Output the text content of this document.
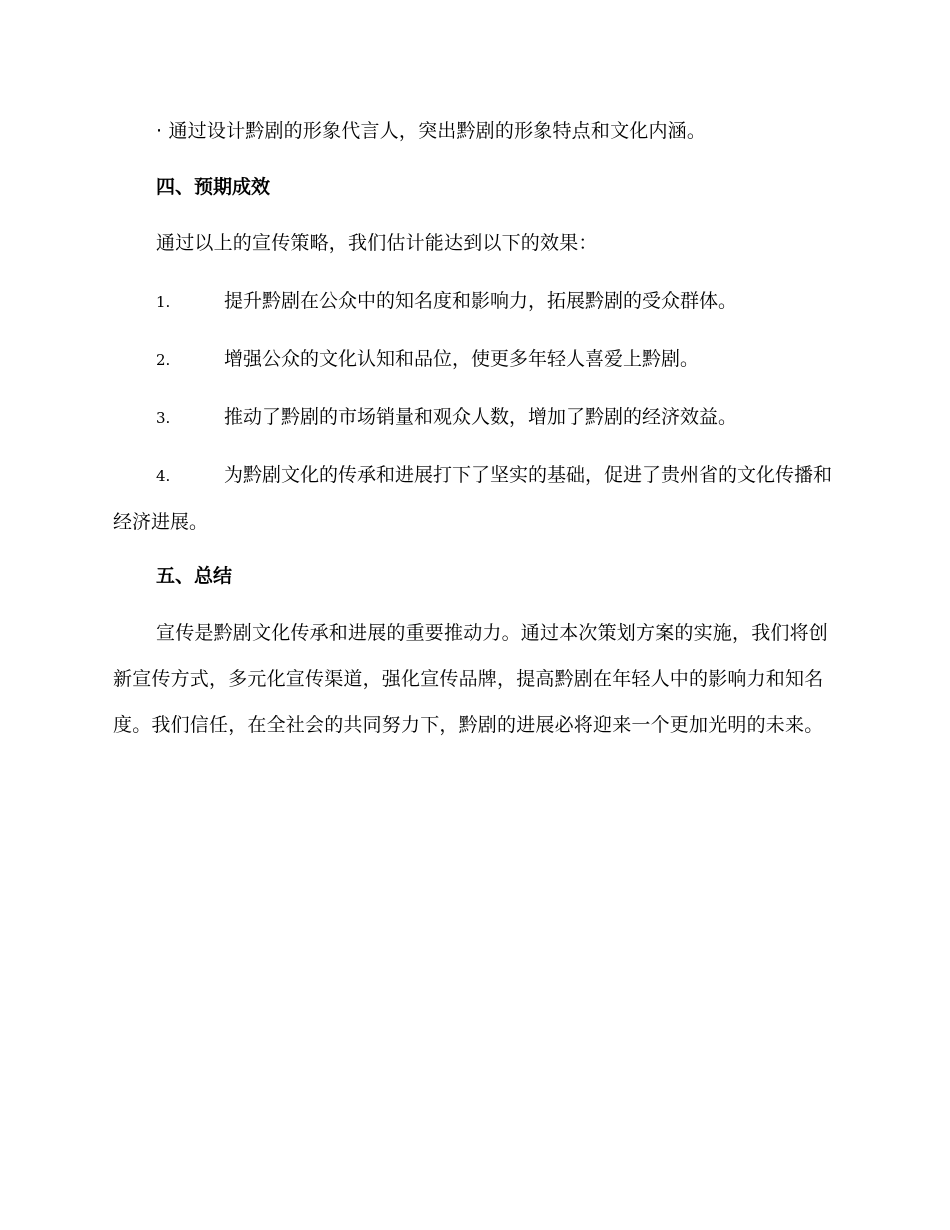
· 通过设计黔剧的形象代言人，突出黔剧的形象特点和文化内涵。

四、预期成效

通过以上的宣传策略，我们估计能达到以下的效果：

1.	提升黔剧在公众中的知名度和影响力，拓展黔剧的受众群体。
2.	增强公众的文化认知和品位，使更多年轻人喜爱上黔剧。
3.	推动了黔剧的市场销量和观众人数，增加了黔剧的经济效益。
4.	为黔剧文化的传承和进展打下了坚实的基础，促进了贵州省的文化传播和经济进展。

五、总结

宣传是黔剧文化传承和进展的重要推动力。通过本次策划方案的实施，我们将创新宣传方式，多元化宣传渠道，强化宣传品牌，提高黔剧在年轻人中的影响力和知名度。我们信任，在全社会的共同努力下，黔剧的进展必将迎来一个更加光明的未来。
